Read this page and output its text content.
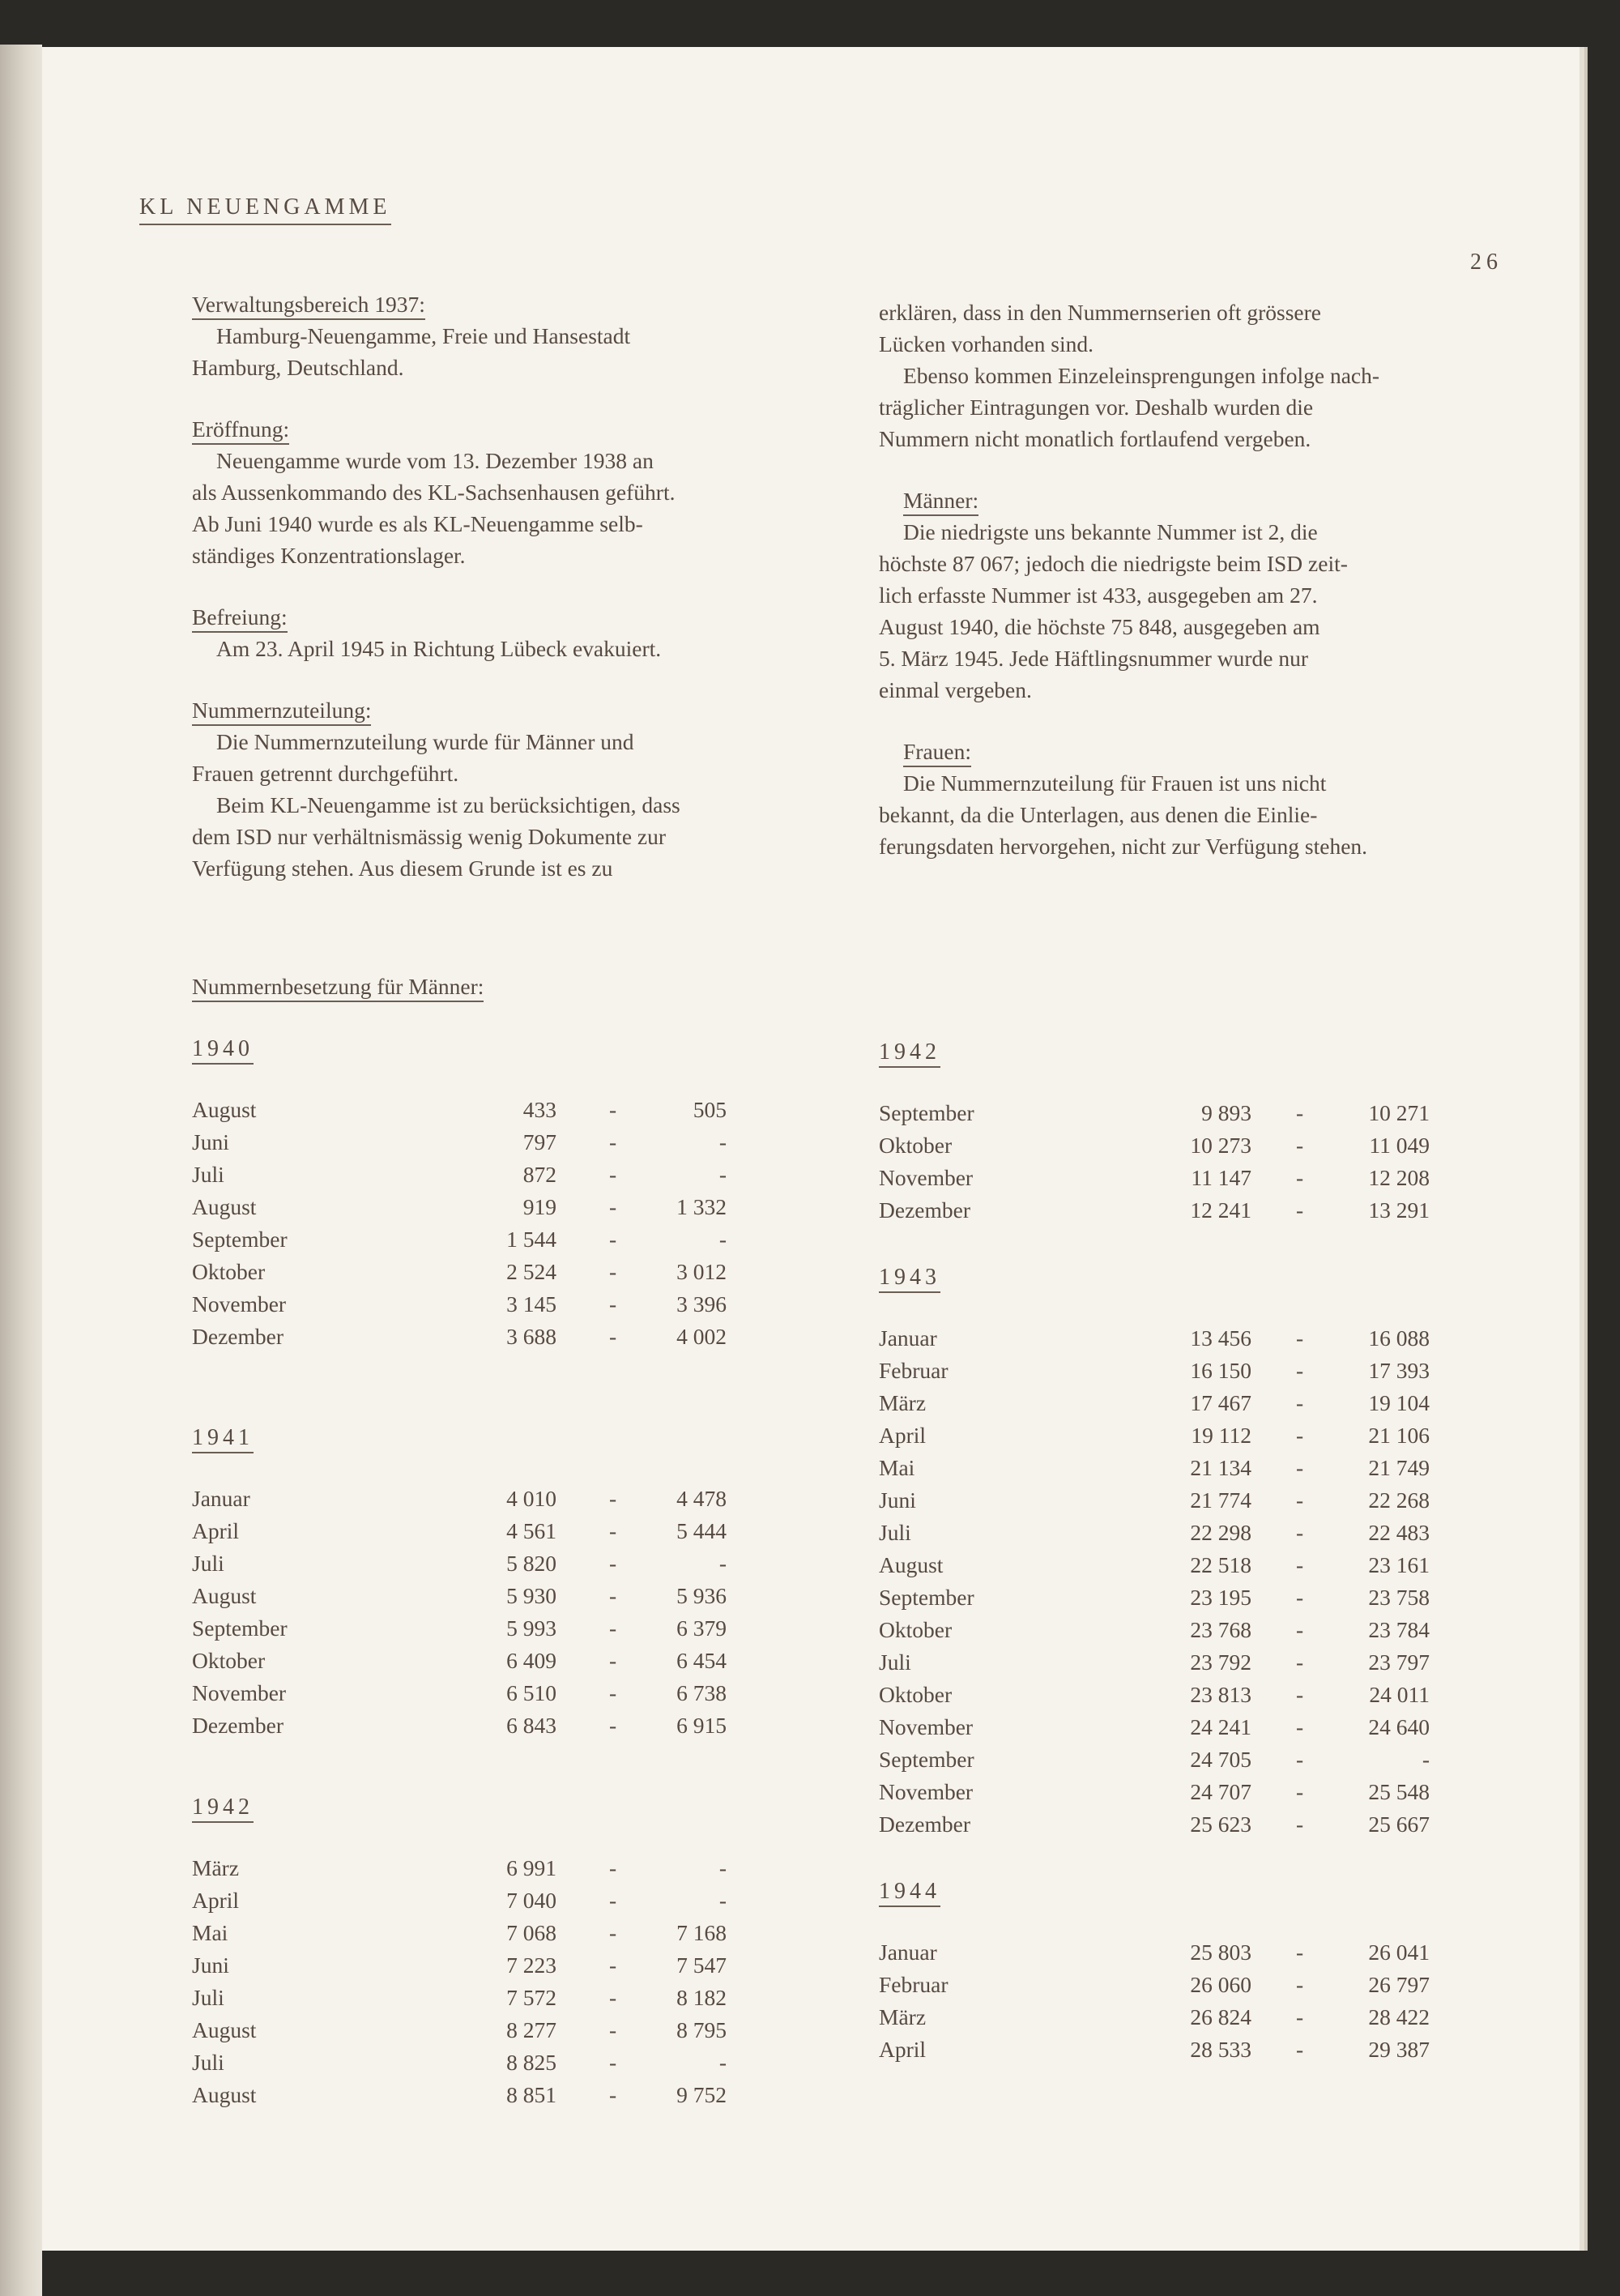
KL NEUENGAMME
26
Verwaltungsbereich 1937:
Hamburg-Neuengamme, Freie und Hansestadt
Hamburg, Deutschland.
Eröffnung:
Neuengamme wurde vom 13. Dezember 1938 an
als Aussenkommando des KL-Sachsenhausen geführt.
Ab Juni 1940 wurde es als KL-Neuengamme selb-
ständiges Konzentrationslager.
Befreiung:
Am 23. April 1945 in Richtung Lübeck evakuiert.
Nummernzuteilung:
Die Nummernzuteilung wurde für Männer und
Frauen getrennt durchgeführt.
Beim KL-Neuengamme ist zu berücksichtigen, dass
dem ISD nur verhältnismässig wenig Dokumente zur
Verfügung stehen. Aus diesem Grunde ist es zu
erklären, dass in den Nummernserien oft grössere
Lücken vorhanden sind.
Ebenso kommen Einzeleinsprengungen infolge nach-
träglicher Eintragungen vor. Deshalb wurden die
Nummern nicht monatlich fortlaufend vergeben.
Männer:
Die niedrigste uns bekannte Nummer ist 2, die
höchste 87 067; jedoch die niedrigste beim ISD zeit-
lich erfasste Nummer ist 433, ausgegeben am 27.
August 1940, die höchste 75 848, ausgegeben am
5. März 1945. Jede Häftlingsnummer wurde nur
einmal vergeben.
Frauen:
Die Nummernzuteilung für Frauen ist uns nicht
bekannt, da die Unterlagen, aus denen die Einlie-
ferungsdaten hervorgehen, nicht zur Verfügung stehen.
Nummernbesetzung für Männer:
1940
August	433 -	505
Juni	797 -	-
Juli	872 -	-
August	919 -	1 332
September	1 544 -	-
Oktober	2 524 -	3 012
November	3 145 -	3 396
Dezember	3 688 -	4 002
1941
Januar	4 010 -	4 478
April	4 561 -	5 444
Juli	5 820 -	-
August	5 930 -	5 936
September	5 993 -	6 379
Oktober	6 409 -	6 454
November	6 510 -	6 738
Dezember	6 843 -	6 915
1942
März	6 991 -	-
April	7 040 -	-
Mai	7 068 -	7 168
Juni	7 223 -	7 547
Juli	7 572 -	8 182
August	8 277 -	8 795
Juli	8 825 -	-
August	8 851 -	9 752
1942
September	9 893 -	10 271
Oktober	10 273 -	11 049
November	11 147 -	12 208
Dezember	12 241 -	13 291
1943
Januar	13 456 -	16 088
Februar	16 150 -	17 393
März	17 467 -	19 104
April	19 112 -	21 106
Mai	21 134 -	21 749
Juni	21 774 -	22 268
Juli	22 298 -	22 483
August	22 518 -	23 161
September	23 195 -	23 758
Oktober	23 768 -	23 784
Juli	23 792 -	23 797
Oktober	23 813 -	24 011
November	24 241 -	24 640
September	24 705 -	-
November	24 707 -	25 548
Dezember	25 623 -	25 667
1944
Januar	25 803 -	26 041
Februar	26 060 -	26 797
März	26 824 -	28 422
April	28 533 -	29 387
